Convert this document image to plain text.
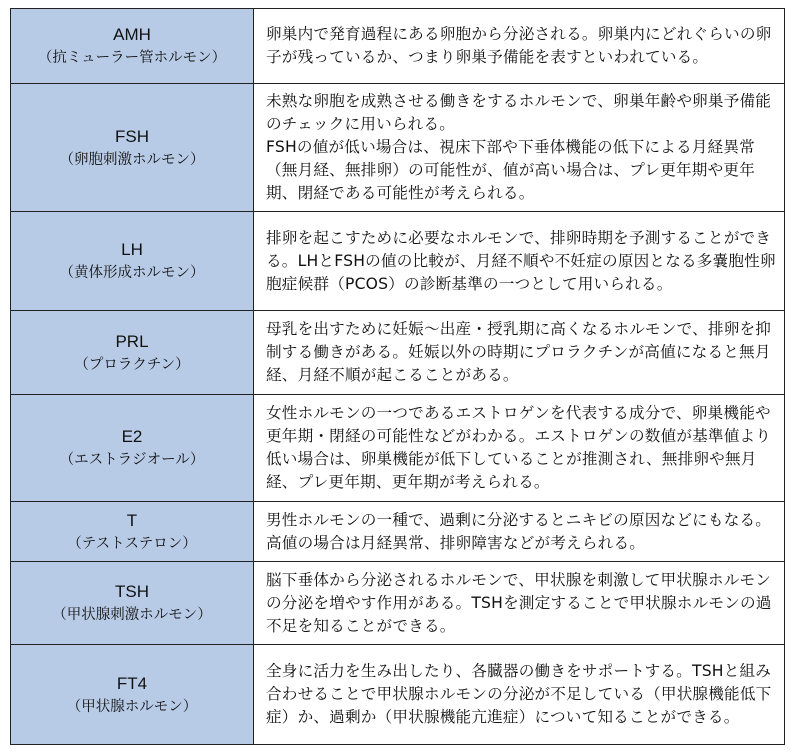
AMH
（抗ミューラー管ホルモン）	卵巣内で発育過程にある卵胞から分泌される。卵巣内にどれぐらいの卵子が残っているか、つまり卵巣予備能を表すといわれている。

FSH
（卵胞刺激ホルモン）	未熟な卵胞を成熟させる働きをするホルモンで、卵巣年齢や卵巣予備能のチェックに用いられる。
FSHの値が低い場合は、視床下部や下垂体機能の低下による月経異常（無月経、無排卵）の可能性が、値が高い場合は、プレ更年期や更年期、閉経である可能性が考えられる。

LH
（黄体形成ホルモン）	排卵を起こすために必要なホルモンで、排卵時期を予測することができる。LHとFSHの値の比較が、月経不順や不妊症の原因となる多嚢胞性卵胞症候群（PCOS）の診断基準の一つとして用いられる。

PRL
（プロラクチン）	母乳を出すために妊娠〜出産・授乳期に高くなるホルモンで、排卵を抑制する働きがある。妊娠以外の時期にプロラクチンが高値になると無月経、月経不順が起こることがある。

E2
（エストラジオール）	女性ホルモンの一つであるエストロゲンを代表する成分で、卵巣機能や更年期・閉経の可能性などがわかる。エストロゲンの数値が基準値より低い場合は、卵巣機能が低下していることが推測され、無排卵や無月経、プレ更年期、更年期が考えられる。

T
（テストステロン）	男性ホルモンの一種で、過剰に分泌するとニキビの原因などにもなる。高値の場合は月経異常、排卵障害などが考えられる。

TSH
（甲状腺刺激ホルモン）	脳下垂体から分泌されるホルモンで、甲状腺を刺激して甲状腺ホルモンの分泌を増やす作用がある。TSHを測定することで甲状腺ホルモンの過不足を知ることができる。

FT4
（甲状腺ホルモン）	全身に活力を生み出したり、各臓器の働きをサポートする。TSHと組み合わせることで甲状腺ホルモンの分泌が不足している（甲状腺機能低下症）か、過剰か（甲状腺機能亢進症）について知ることができる。
